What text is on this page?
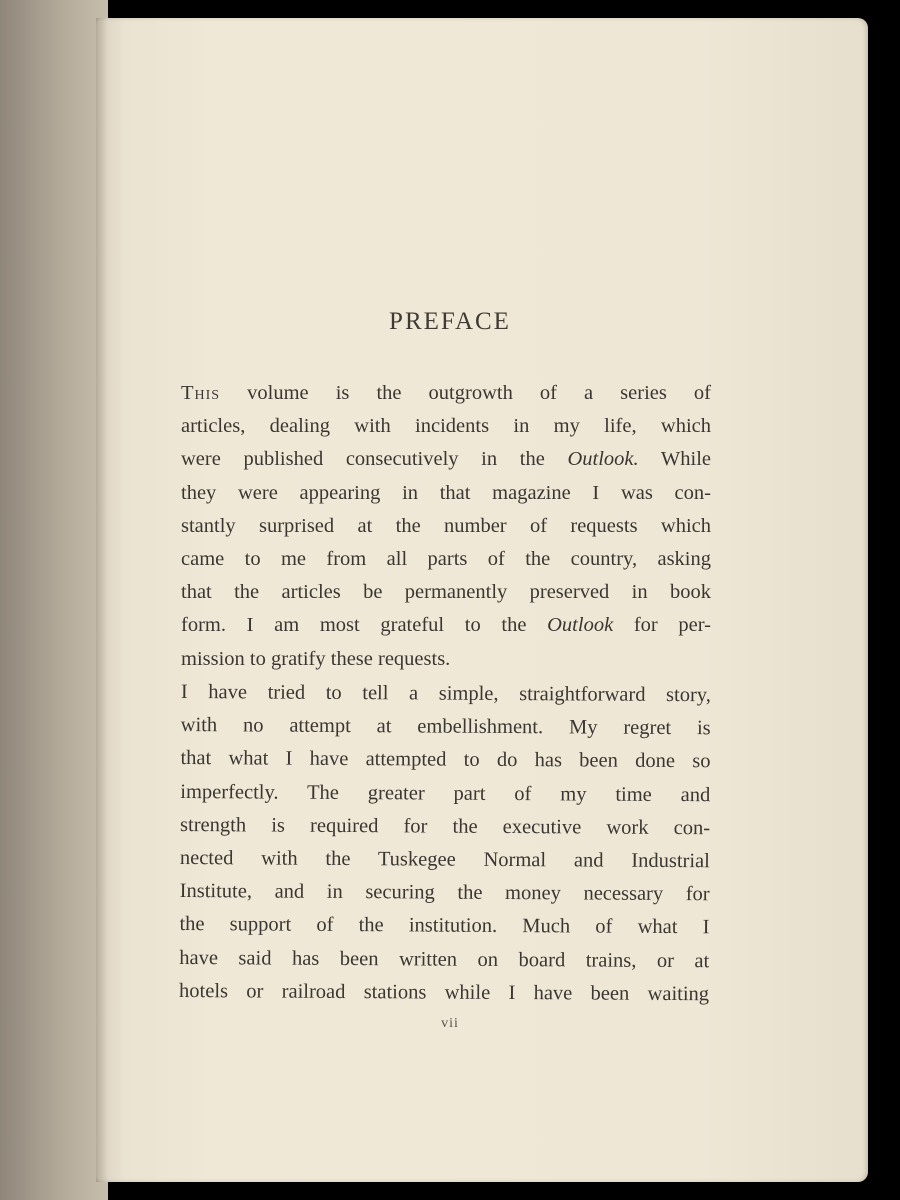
PREFACE

This volume is the outgrowth of a series of

articles, dealing with incidents in my life, which

were published consecutively in the Outlook. While

they were appearing in that magazine I was con-

stantly surprised at the number of requests which

came to me from all parts of the country, asking

that the articles be permanently preserved in book

form. I am most grateful to the Outlook for per-

mission to gratify these requests.

I have tried to tell a simple, straightforward story,

with no attempt at embellishment. My regret is

that what I have attempted to do has been done so

imperfectly. The greater part of my time and

strength is required for the executive work con-

nected with the Tuskegee Normal and Industrial

Institute, and in securing the money necessary for

the support of the institution. Much of what I

have said has been written on board trains, or at

hotels or railroad stations while I have been waiting

vii
